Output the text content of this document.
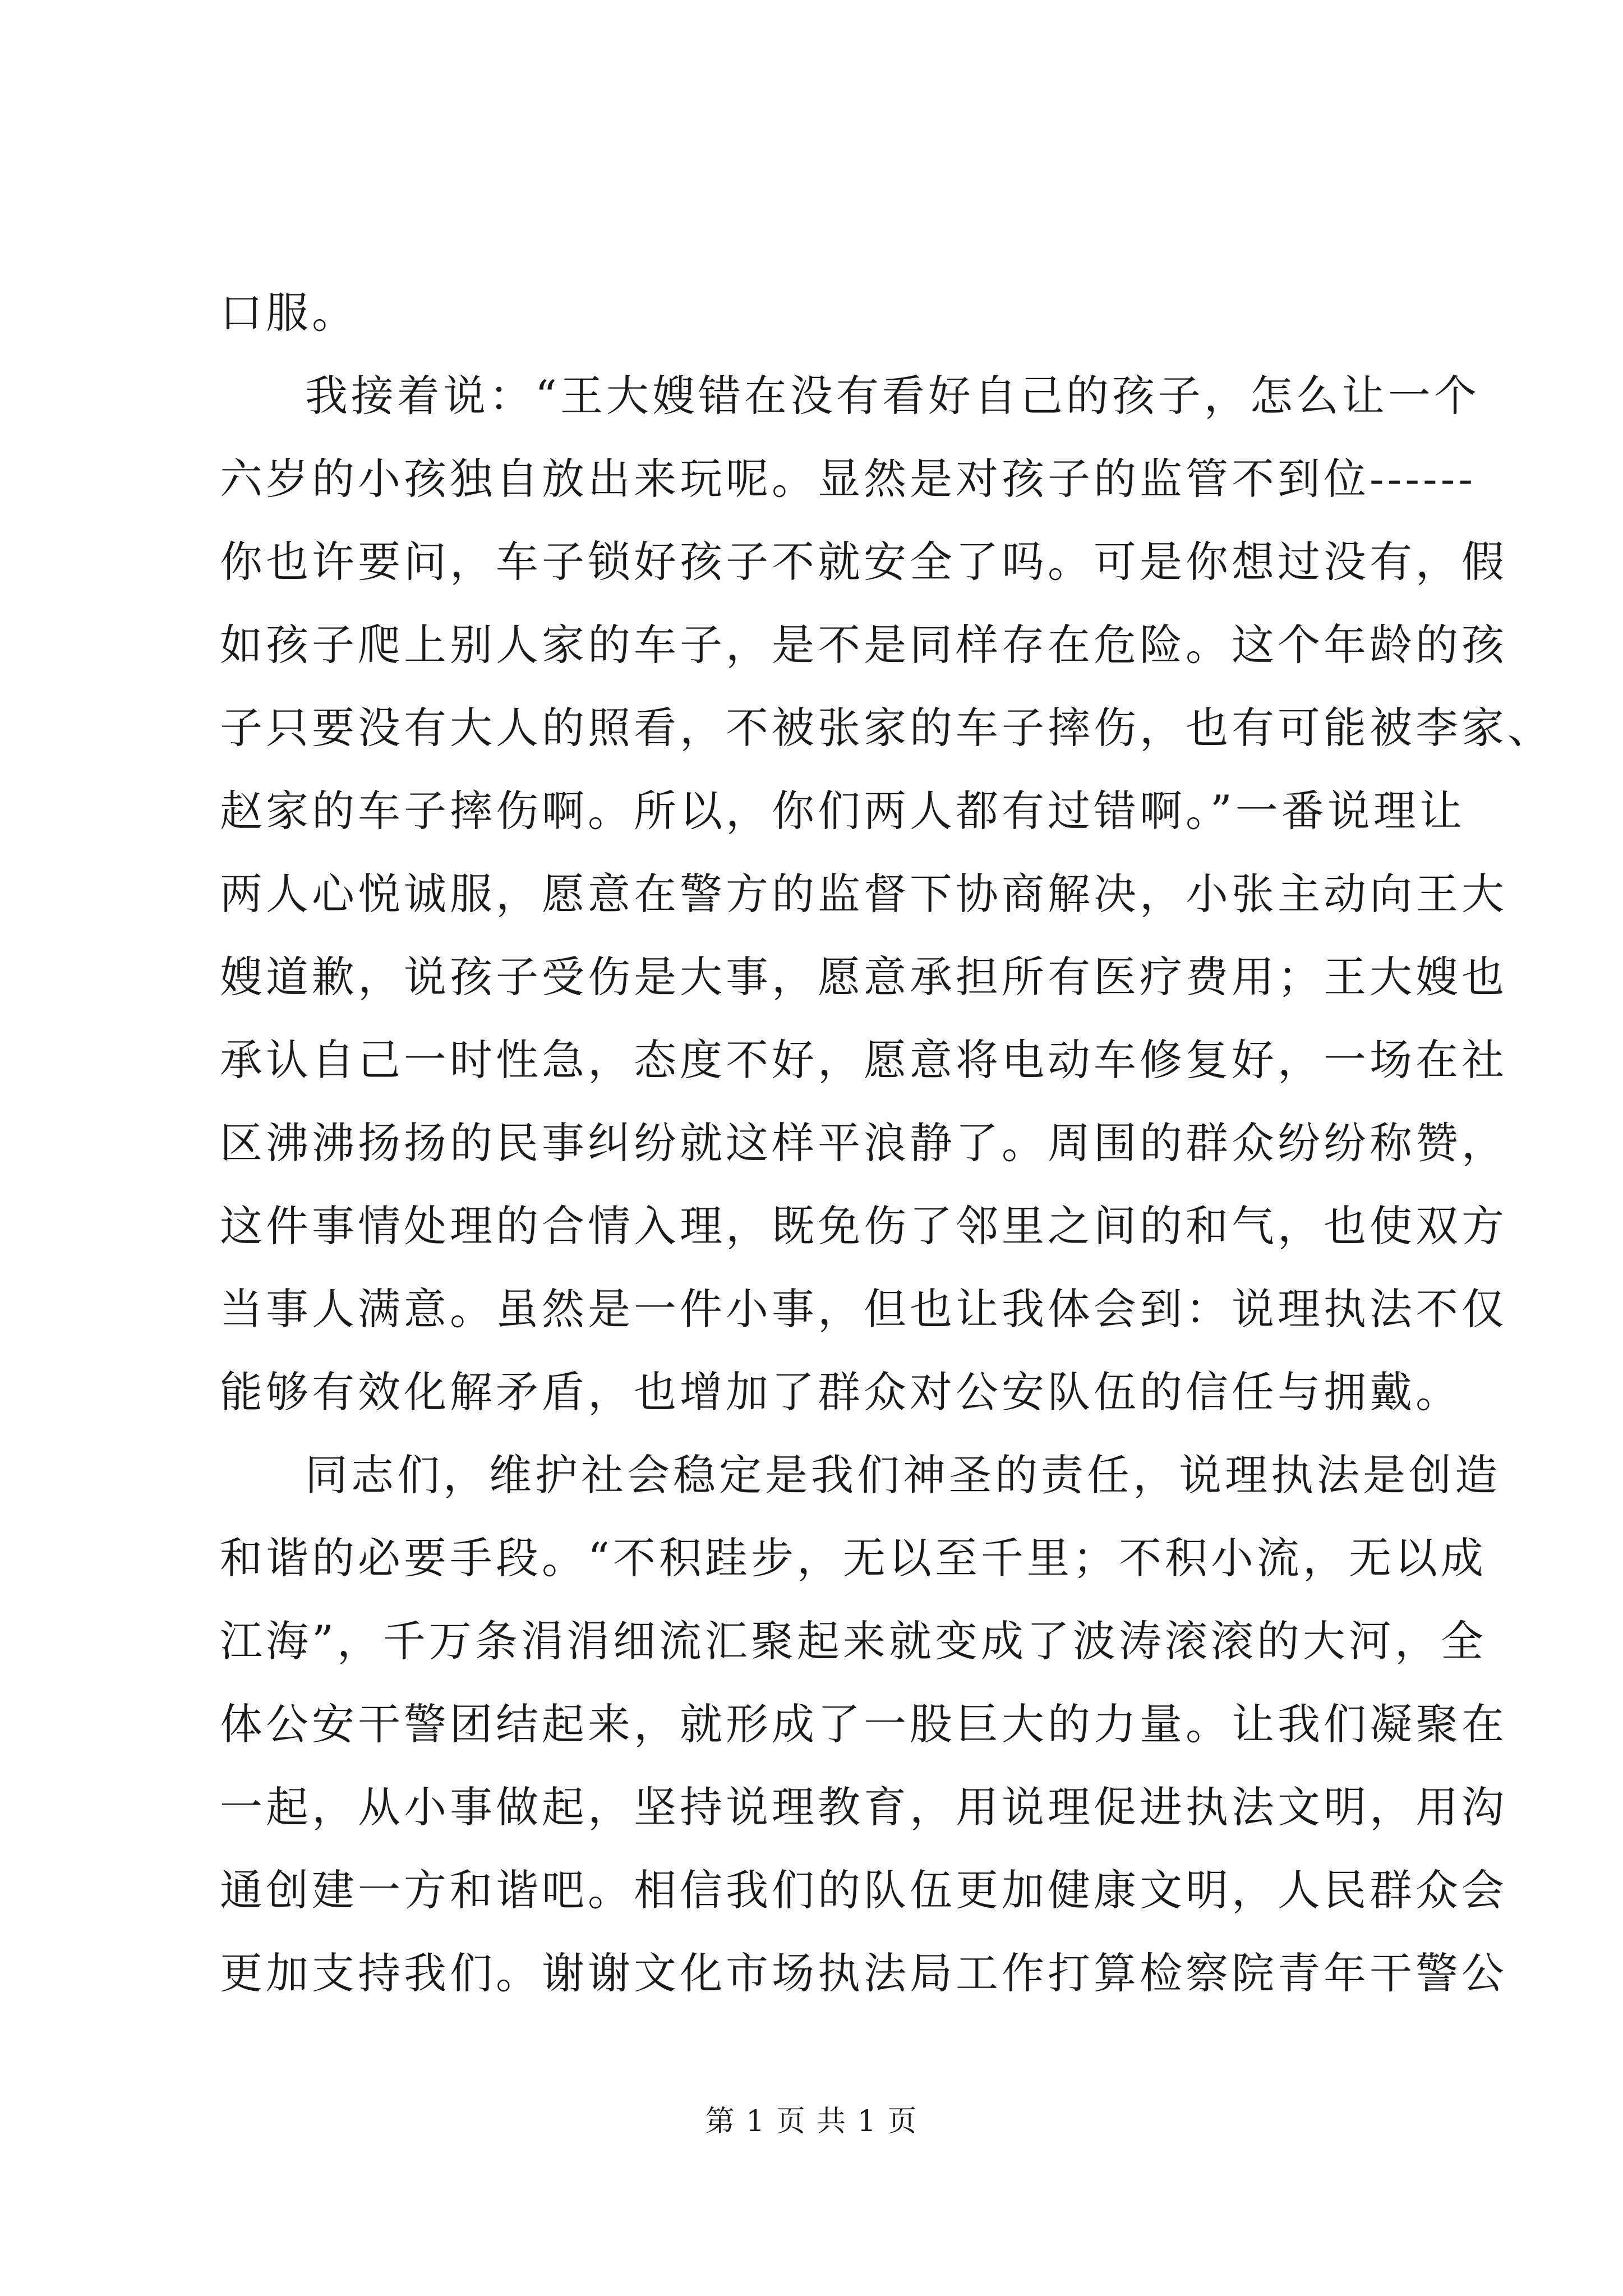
口服。
我接着说：“王大嫂错在没有看好自己的孩子，怎么让一个
六岁的小孩独自放出来玩呢。显然是对孩子的监管不到位------
你也许要问，车子锁好孩子不就安全了吗。可是你想过没有，假
如孩子爬上别人家的车子，是不是同样存在危险。这个年龄的孩
子只要没有大人的照看，不被张家的车子摔伤，也有可能被李家、
赵家的车子摔伤啊。所以，你们两人都有过错啊。”一番说理让
两人心悦诚服，愿意在警方的监督下协商解决，小张主动向王大
嫂道歉，说孩子受伤是大事，愿意承担所有医疗费用；王大嫂也
承认自己一时性急，态度不好，愿意将电动车修复好，一场在社
区沸沸扬扬的民事纠纷就这样平浪静了。周围的群众纷纷称赞，
这件事情处理的合情入理，既免伤了邻里之间的和气，也使双方
当事人满意。虽然是一件小事，但也让我体会到：说理执法不仅
能够有效化解矛盾，也增加了群众对公安队伍的信任与拥戴。
同志们，维护社会稳定是我们神圣的责任，说理执法是创造
和谐的必要手段。“不积跬步，无以至千里；不积小流，无以成
江海”，千万条涓涓细流汇聚起来就变成了波涛滚滚的大河，全
体公安干警团结起来，就形成了一股巨大的力量。让我们凝聚在
一起，从小事做起，坚持说理教育，用说理促进执法文明，用沟
通创建一方和谐吧。相信我们的队伍更加健康文明，人民群众会
更加支持我们。谢谢文化市场执法局工作打算检察院青年干警公
第 1 页 共 1 页
